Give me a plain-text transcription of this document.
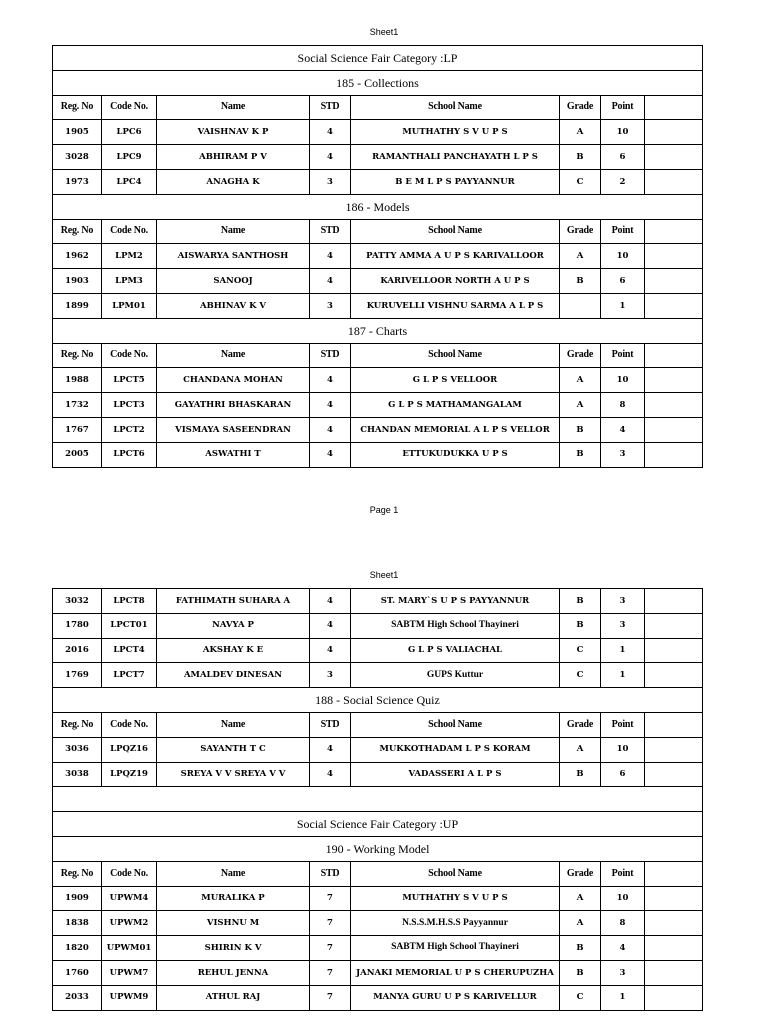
Sheet1
Social Science Fair Category :LP							
185 - Collections							
Reg. No	Code No.	Name	STD	School Name	Grade	Point	
1905	LPC6	VAISHNAV K P	4	MUTHATHY S V U P S	A	10	
3028	LPC9	ABHIRAM P V	4	RAMANTHALI PANCHAYATH L P S	B	6	
1973	LPC4	ANAGHA K	3	B E M L P S PAYYANNUR	C	2	
186 - Models							
Reg. No	Code No.	Name	STD	School Name	Grade	Point	
1962	LPM2	AISWARYA SANTHOSH	4	PATTY AMMA A U P S KARIVALLOOR	A	10	
1903	LPM3	SANOOJ	4	KARIVELLOOR NORTH A U P S	B	6	
1899	LPM01	ABHINAV K V	3	KURUVELLI VISHNU SARMA A L P S		1	
187 - Charts							
Reg. No	Code No.	Name	STD	School Name	Grade	Point	
1988	LPCT5	CHANDANA MOHAN	4	G L P S VELLOOR	A	10	
1732	LPCT3	GAYATHRI BHASKARAN	4	G L P S MATHAMANGALAM	A	8	
1767	LPCT2	VISMAYA SASEENDRAN	4	CHANDAN MEMORIAL A L P S VELLOR	B	4	
2005	LPCT6	ASWATHI T	4	ETTUKUDUKKA U P S	B	3	
Page 1
Sheet1
3032	LPCT8	FATHIMATH SUHARA A	4	ST. MARY`S U P S PAYYANNUR	B	3	
1780	LPCT01	NAVYA P	4	SABTM High School Thayineri	B	3	
2016	LPCT4	AKSHAY K E	4	G L P S VALIACHAL	C	1	
1769	LPCT7	AMALDEV DINESAN	3	GUPS Kuttur	C	1	
188 - Social Science Quiz							
Reg. No	Code No.	Name	STD	School Name	Grade	Point	
3036	LPQZ16	SAYANTH T C	4	MUKKOTHADAM L P S KORAM	A	10	
3038	LPQZ19	SREYA V V SREYA V V	4	VADASSERI A L P S	B	6	

Social Science Fair Category :UP							
190 - Working Model							
Reg. No	Code No.	Name	STD	School Name	Grade	Point	
1909	UPWM4	MURALIKA P	7	MUTHATHY S V U P S	A	10	
1838	UPWM2	VISHNU M	7	N.S.S.M.H.S.S Payyannur	A	8	
1820	UPWM01	SHIRIN K V	7	SABTM High School Thayineri	B	4	
1760	UPWM7	REHUL JENNA	7	JANAKI MEMORIAL U P S CHERUPUZHA	B	3	
2033	UPWM9	ATHUL RAJ	7	MANYA GURU U P S KARIVELLUR	C	1	
